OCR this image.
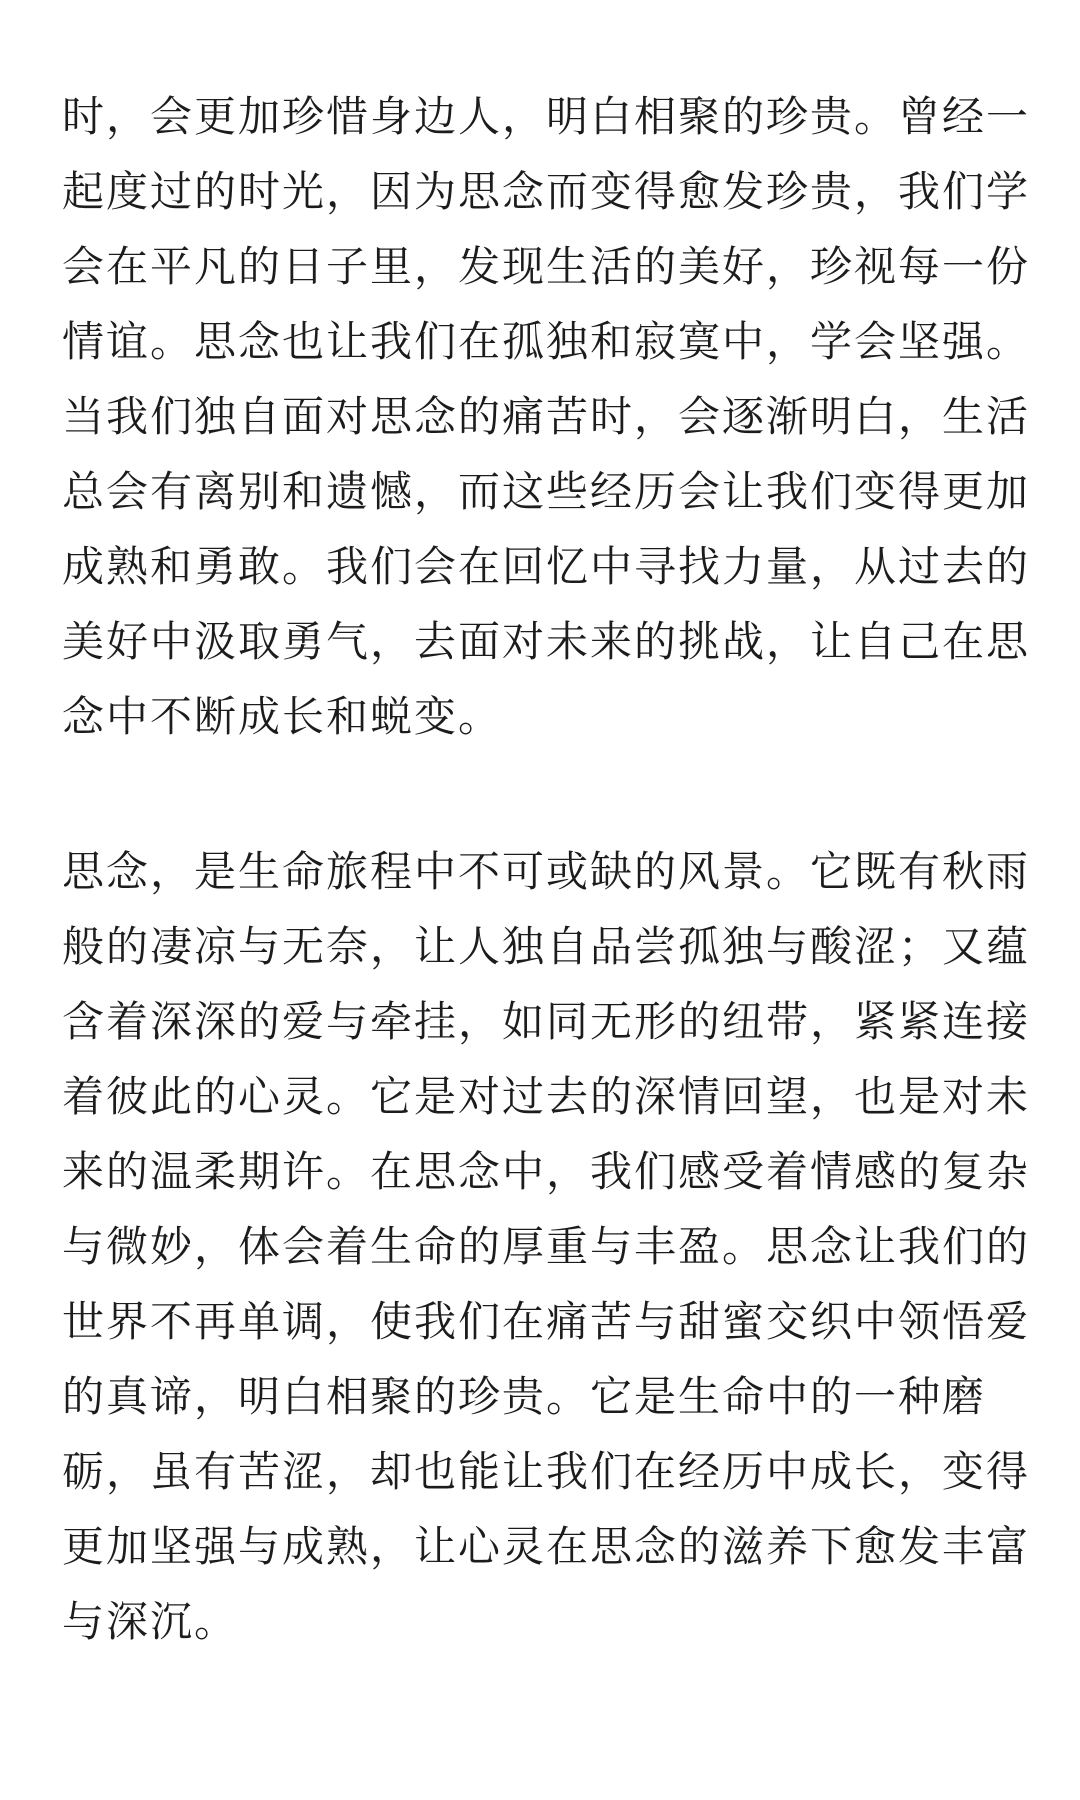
时，会更加珍惜身边人，明白相聚的珍贵。曾经一
起度过的时光，因为思念而变得愈发珍贵，我们学
会在平凡的日子里，发现生活的美好，珍视每一份
情谊。思念也让我们在孤独和寂寞中，学会坚强。
当我们独自面对思念的痛苦时，会逐渐明白，生活
总会有离别和遗憾，而这些经历会让我们变得更加
成熟和勇敢。我们会在回忆中寻找力量，从过去的
美好中汲取勇气，去面对未来的挑战，让自己在思
念中不断成长和蜕变。
思念，是生命旅程中不可或缺的风景。它既有秋雨
般的凄凉与无奈，让人独自品尝孤独与酸涩；又蕴
含着深深的爱与牵挂，如同无形的纽带，紧紧连接
着彼此的心灵。它是对过去的深情回望，也是对未
来的温柔期许。在思念中，我们感受着情感的复杂
与微妙，体会着生命的厚重与丰盈。思念让我们的
世界不再单调，使我们在痛苦与甜蜜交织中领悟爱
的真谛，明白相聚的珍贵。它是生命中的一种磨
砺，虽有苦涩，却也能让我们在经历中成长，变得
更加坚强与成熟，让心灵在思念的滋养下愈发丰富
与深沉。
